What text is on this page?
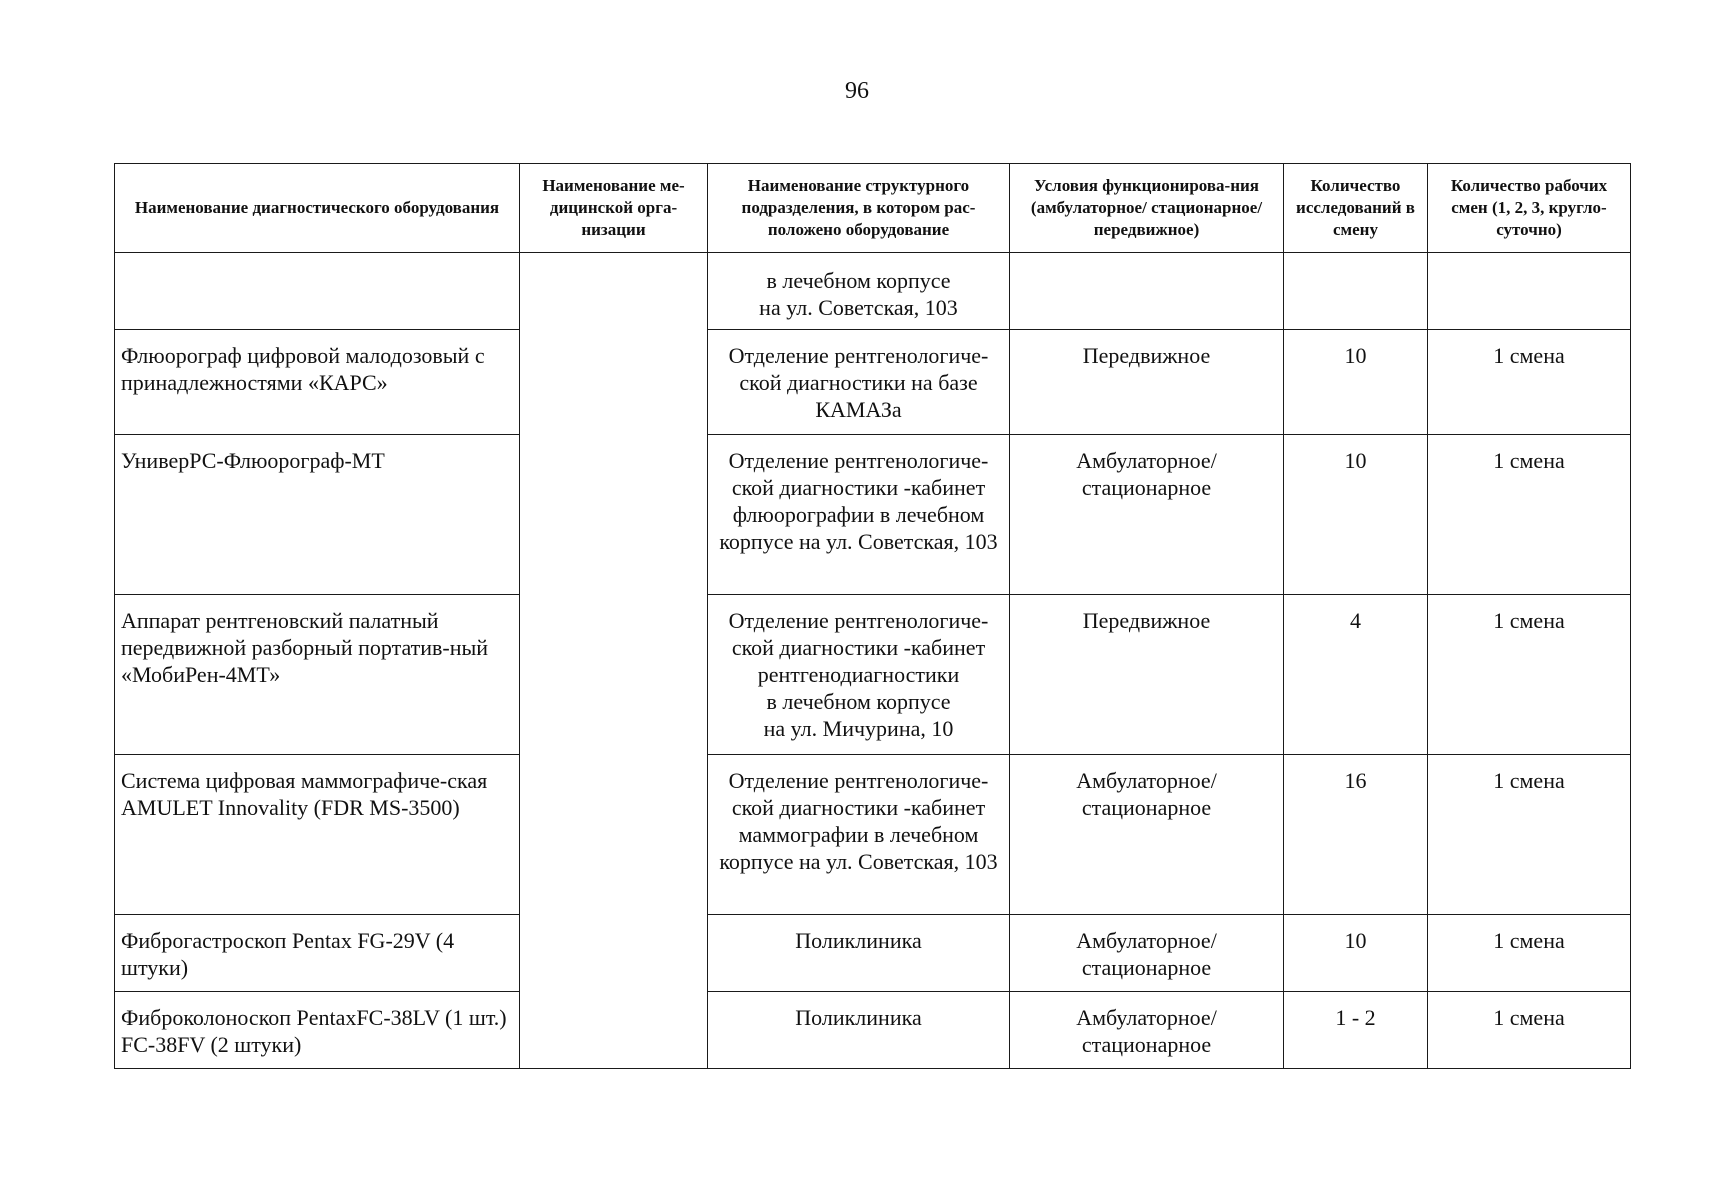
96
Наименование диагностического оборудования	Наименование ме-дицинской орга-низации	Наименование структурного подразделения, в котором рас-положено оборудование	Условия функционирова-ния (амбулаторное/ стационарное/передвижное)	Количество исследований в смену	Количество рабочих смен (1, 2, 3, кругло-суточно)
		в лечебном корпусе
на ул. Советская, 103			
Флюорограф цифровой малодозовый с принадлежностями «КАРС»		Отделение рентгенологиче-ской диагностики на базе КАМАЗа	Передвижное	10	1 смена
УниверРС-Флюорограф-МТ		Отделение рентгенологиче-ской диагностики -кабинет флюорографии в лечебном корпусе на ул. Советская, 103	Амбулаторное/ стационарное	10	1 смена
Аппарат рентгеновский палатный передвижной разборный портатив-ный «МобиРен-4МТ»		Отделение рентгенологиче-ской диагностики -кабинет рентгенодиагностики
в лечебном корпусе
на ул. Мичурина, 10	Передвижное	4	1 смена
Система цифровая маммографиче-ская AMULET Innovality (FDR MS-3500)		Отделение рентгенологиче-ской диагностики -кабинет маммографии в лечебном корпусе на ул. Советская, 103	Амбулаторное/ стационарное	16	1 смена
Фиброгастроскоп Pentax FG-29V (4 штуки)		Поликлиника	Амбулаторное/ стационарное	10	1 смена
Фиброколоноскоп PentaxFC-38LV (1 шт.) FC-38FV (2 штуки)		Поликлиника	Амбулаторное/ стационарное	1 - 2	1 смена
